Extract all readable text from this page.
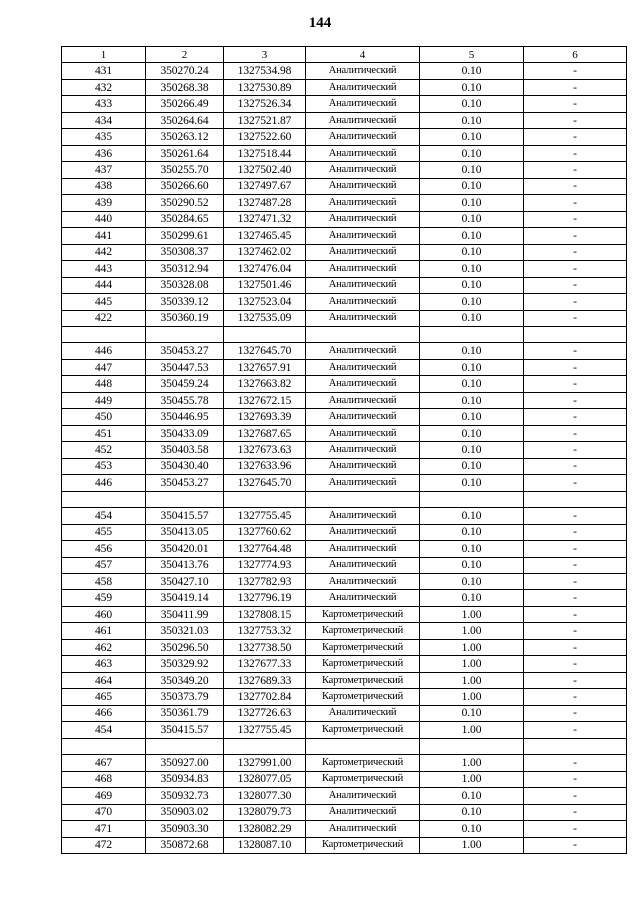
144
1	2	3	4	5	6
431	350270.24	1327534.98	Аналитический	0.10	-
432	350268.38	1327530.89	Аналитический	0.10	-
433	350266.49	1327526.34	Аналитический	0.10	-
434	350264.64	1327521.87	Аналитический	0.10	-
435	350263.12	1327522.60	Аналитический	0.10	-
436	350261.64	1327518.44	Аналитический	0.10	-
437	350255.70	1327502.40	Аналитический	0.10	-
438	350266.60	1327497.67	Аналитический	0.10	-
439	350290.52	1327487.28	Аналитический	0.10	-
440	350284.65	1327471.32	Аналитический	0.10	-
441	350299.61	1327465.45	Аналитический	0.10	-
442	350308.37	1327462.02	Аналитический	0.10	-
443	350312.94	1327476.04	Аналитический	0.10	-
444	350328.08	1327501.46	Аналитический	0.10	-
445	350339.12	1327523.04	Аналитический	0.10	-
422	350360.19	1327535.09	Аналитический	0.10	-

446	350453.27	1327645.70	Аналитический	0.10	-
447	350447.53	1327657.91	Аналитический	0.10	-
448	350459.24	1327663.82	Аналитический	0.10	-
449	350455.78	1327672.15	Аналитический	0.10	-
450	350446.95	1327693.39	Аналитический	0.10	-
451	350433.09	1327687.65	Аналитический	0.10	-
452	350403.58	1327673.63	Аналитический	0.10	-
453	350430.40	1327633.96	Аналитический	0.10	-
446	350453.27	1327645.70	Аналитический	0.10	-

454	350415.57	1327755.45	Аналитический	0.10	-
455	350413.05	1327760.62	Аналитический	0.10	-
456	350420.01	1327764.48	Аналитический	0.10	-
457	350413.76	1327774.93	Аналитический	0.10	-
458	350427.10	1327782.93	Аналитический	0.10	-
459	350419.14	1327796.19	Аналитический	0.10	-
460	350411.99	1327808.15	Картометрический	1.00	-
461	350321.03	1327753.32	Картометрический	1.00	-
462	350296.50	1327738.50	Картометрический	1.00	-
463	350329.92	1327677.33	Картометрический	1.00	-
464	350349.20	1327689.33	Картометрический	1.00	-
465	350373.79	1327702.84	Картометрический	1.00	-
466	350361.79	1327726.63	Аналитический	0.10	-
454	350415.57	1327755.45	Картометрический	1.00	-

467	350927.00	1327991.00	Картометрический	1.00	-
468	350934.83	1328077.05	Картометрический	1.00	-
469	350932.73	1328077.30	Аналитический	0.10	-
470	350903.02	1328079.73	Аналитический	0.10	-
471	350903.30	1328082.29	Аналитический	0.10	-
472	350872.68	1328087.10	Картометрический	1.00	-
